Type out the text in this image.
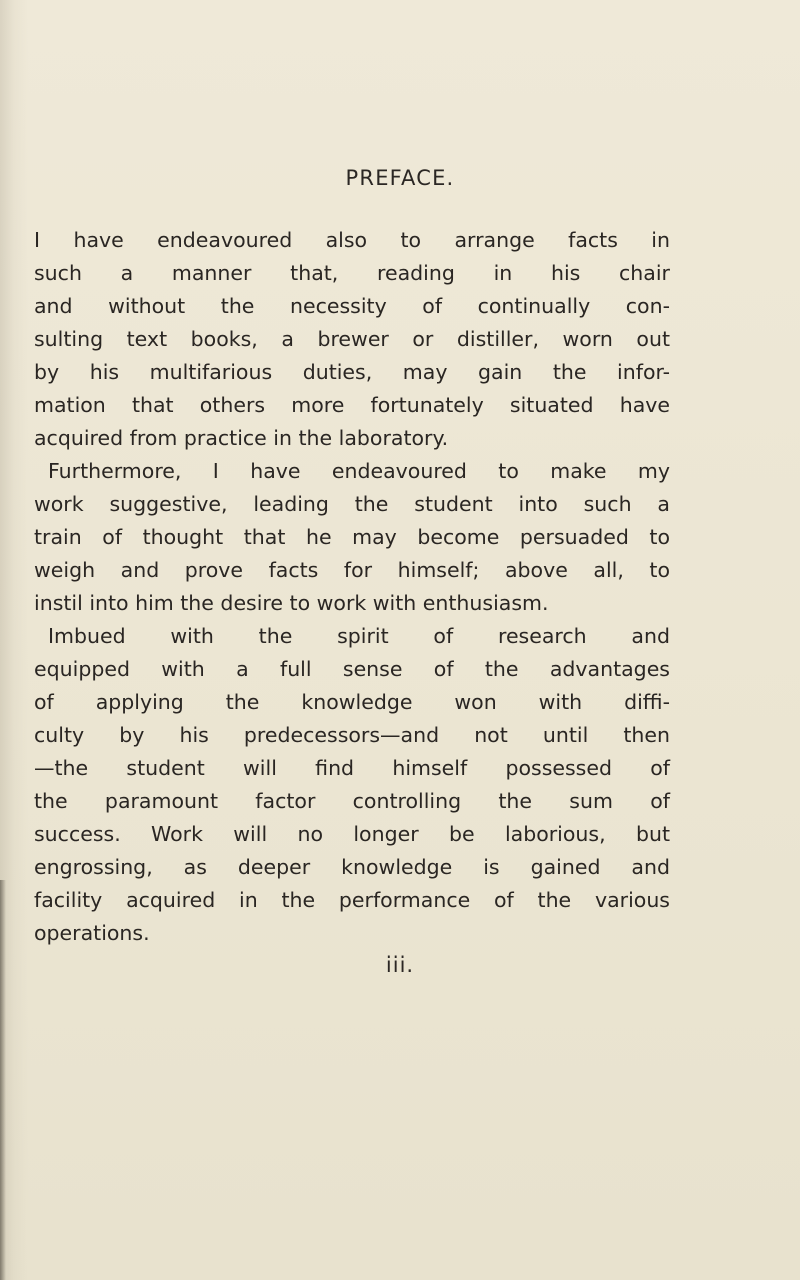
PREFACE.
I have endeavoured also to arrange facts in
such a manner that, reading in his chair
and without the necessity of continually con-
sulting text books, a brewer or distiller, worn out
by his multifarious duties, may gain the infor-
mation that others more fortunately situated have
acquired from practice in the laboratory.
Furthermore, I have endeavoured to make my
work suggestive, leading the student into such a
train of thought that he may become persuaded to
weigh and prove facts for himself; above all, to
instil into him the desire to work with enthusiasm.
Imbued with the spirit of research and
equipped with a full sense of the advantages
of applying the knowledge won with diffi-
culty by his predecessors—and not until then
—the student will find himself possessed of
the paramount factor controlling the sum of
success. Work will no longer be laborious, but
engrossing, as deeper knowledge is gained and
facility acquired in the performance of the various
operations.
iii.
